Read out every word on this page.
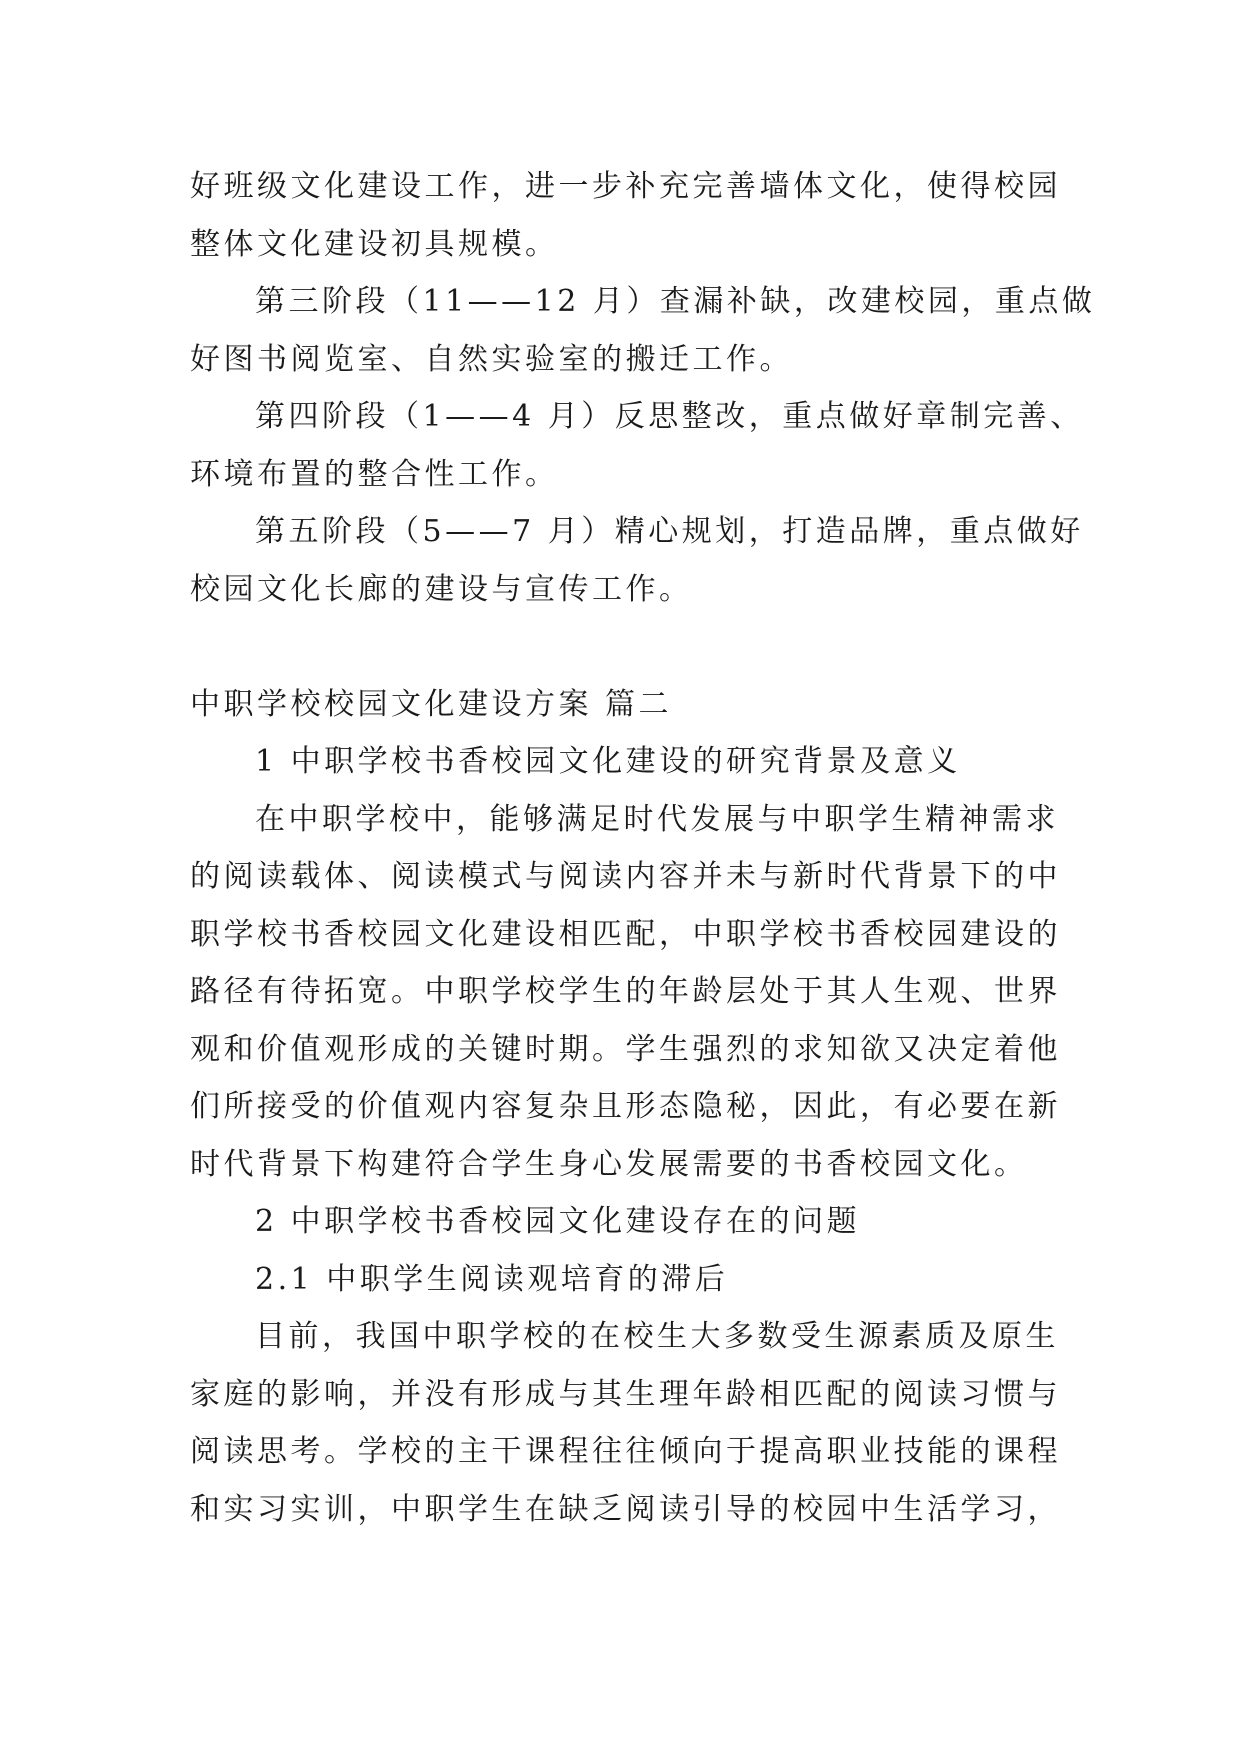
好班级文化建设工作，进一步补充完善墙体文化，使得校园
整体文化建设初具规模。
第三阶段（11——12 月）查漏补缺，改建校园，重点做
好图书阅览室、自然实验室的搬迁工作。
第四阶段（1——4 月）反思整改，重点做好章制完善、
环境布置的整合性工作。
第五阶段（5——7 月）精心规划，打造品牌，重点做好
校园文化长廊的建设与宣传工作。
中职学校校园文化建设方案 篇二
1 中职学校书香校园文化建设的研究背景及意义
在中职学校中，能够满足时代发展与中职学生精神需求
的阅读载体、阅读模式与阅读内容并未与新时代背景下的中
职学校书香校园文化建设相匹配，中职学校书香校园建设的
路径有待拓宽。中职学校学生的年龄层处于其人生观、世界
观和价值观形成的关键时期。学生强烈的求知欲又决定着他
们所接受的价值观内容复杂且形态隐秘，因此，有必要在新
时代背景下构建符合学生身心发展需要的书香校园文化。
2 中职学校书香校园文化建设存在的问题
2.1 中职学生阅读观培育的滞后
目前，我国中职学校的在校生大多数受生源素质及原生
家庭的影响，并没有形成与其生理年龄相匹配的阅读习惯与
阅读思考。学校的主干课程往往倾向于提高职业技能的课程
和实习实训，中职学生在缺乏阅读引导的校园中生活学习，
